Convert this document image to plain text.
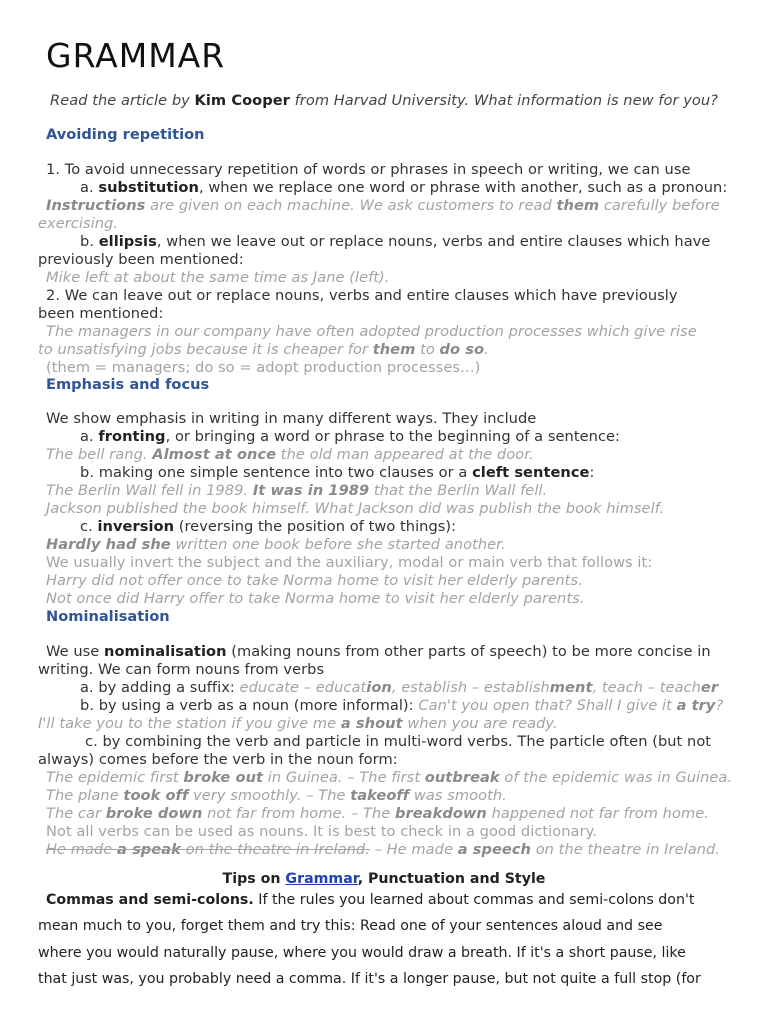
GRAMMAR
Read the article by Kim Cooper from Harvad University. What information is new for you?
Avoiding repetition
1. To avoid unnecessary repetition of words or phrases in speech or writing, we can use
a. substitution, when we replace one word or phrase with another, such as a pronoun:
Instructions are given on each machine. We ask customers to read them carefully before
exercising.
b. ellipsis, when we leave out or replace nouns, verbs and entire clauses which have
previously been mentioned:
Mike left at about the same time as Jane (left).
2. We can leave out or replace nouns, verbs and entire clauses which have previously
been mentioned:
The managers in our company have often adopted production processes which give rise
to unsatisfying jobs because it is cheaper for them to do so.
(them = managers; do so = adopt production processes…)
Emphasis and focus
We show emphasis in writing in many different ways. They include
a. fronting, or bringing a word or phrase to the beginning of a sentence:
The bell rang. Almost at once the old man appeared at the door.
b. making one simple sentence into two clauses or a cleft sentence:
The Berlin Wall fell in 1989. It was in 1989 that the Berlin Wall fell.
Jackson published the book himself. What Jackson did was publish the book himself.
c. inversion (reversing the position of two things):
Hardly had she written one book before she started another.
We usually invert the subject and the auxiliary, modal or main verb that follows it:
Harry did not offer once to take Norma home to visit her elderly parents.
Not once did Harry offer to take Norma home to visit her elderly parents.
Nominalisation
We use nominalisation (making nouns from other parts of speech) to be more concise in
writing. We can form nouns from verbs
a. by adding a suffix: educate – education, establish – establishment, teach – teacher
b. by using a verb as a noun (more informal): Can't you open that? Shall I give it a try?
I'll take you to the station if you give me a shout when you are ready.
c. by combining the verb and particle in multi-word verbs. The particle often (but not
always) comes before the verb in the noun form:
The epidemic first broke out in Guinea. – The first outbreak of the epidemic was in Guinea.
The plane took off very smoothly. – The takeoff was smooth.
The car broke down not far from home. – The breakdown happened not far from home.
Not all verbs can be used as nouns. It is best to check in a good dictionary.
He made a speak on the theatre in Ireland. – He made a speech on the theatre in Ireland.
Tips on Grammar, Punctuation and Style
Commas and semi-colons. If the rules you learned about commas and semi-colons don't
mean much to you, forget them and try this: Read one of your sentences aloud and see
where you would naturally pause, where you would draw a breath. If it's a short pause, like
that just was, you probably need a comma. If it's a longer pause, but not quite a full stop (for
